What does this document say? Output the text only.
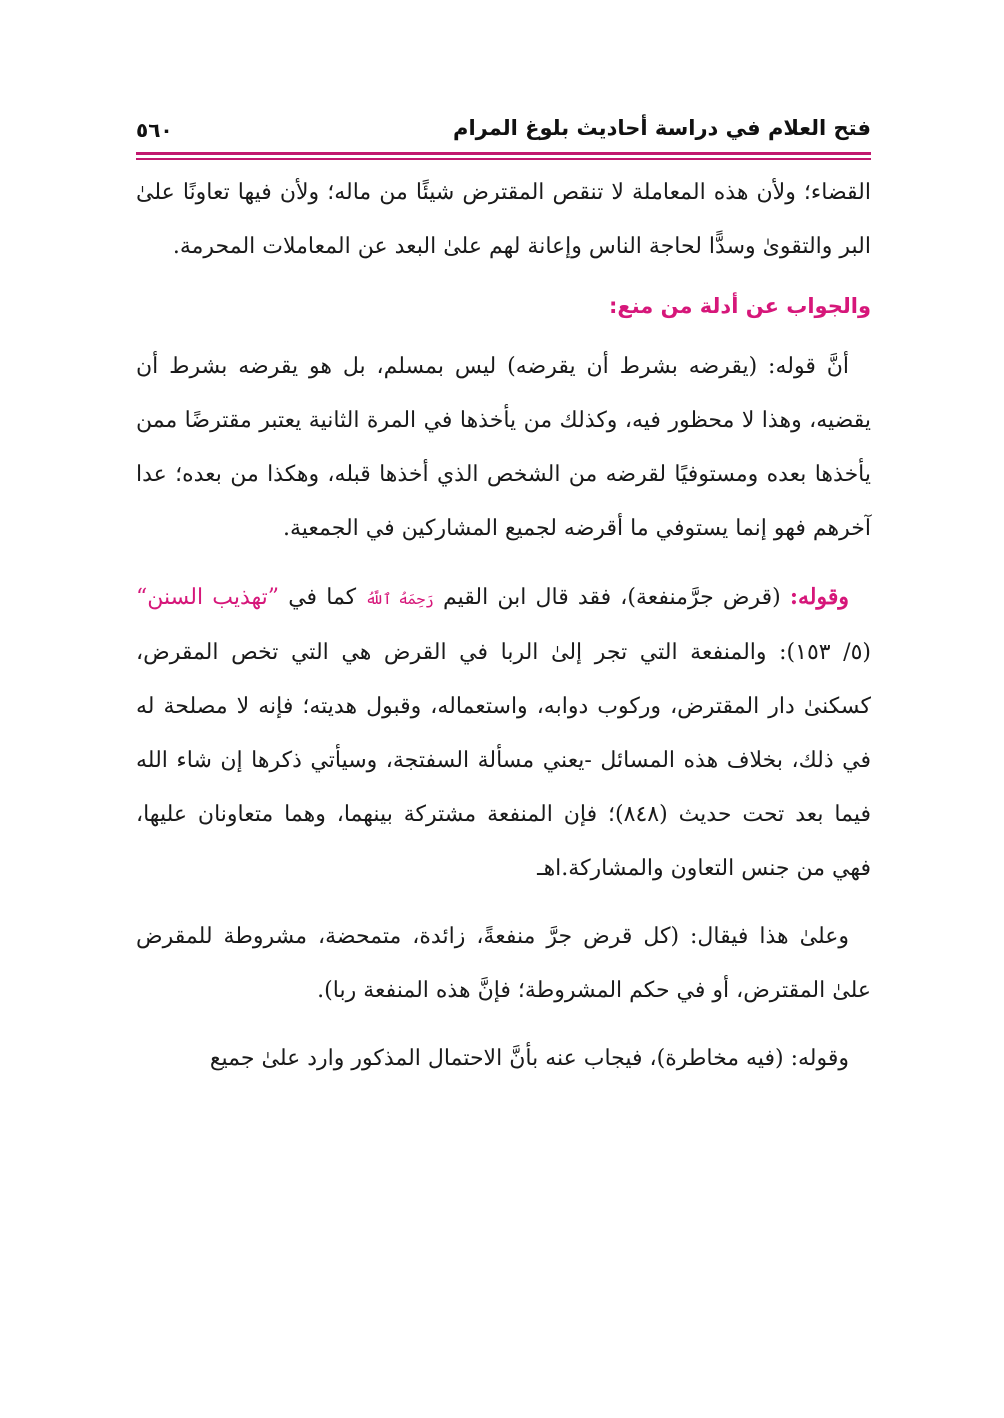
فتح العلام في دراسة أحاديث بلوغ المرام
٥٦٠

القضاء؛ ولأن هذه المعاملة لا تنقص المقترض شيئًا من ماله؛ ولأن فيها تعاونًا علىٰ البر والتقوىٰ وسدًّا لحاجة الناس وإعانة لهم علىٰ البعد عن المعاملات المحرمة.

والجواب عن أدلة من منع:

أنَّ قوله: (يقرضه بشرط أن يقرضه) ليس بمسلم، بل هو يقرضه بشرط أن يقضيه، وهذا لا محظور فيه، وكذلك من يأخذها في المرة الثانية يعتبر مقترضًا ممن يأخذها بعده ومستوفيًا لقرضه من الشخص الذي أخذها قبله، وهكذا من بعده؛ عدا آخرهم فهو إنما يستوفي ما أقرضه لجميع المشاركين في الجمعية.

وقوله: (قرض جرَّمنفعة)، فقد قال ابن القيم رَحِمَهُ ٱللَّهُ كما في ”تهذيب السنن“ (٥/ ١٥٣): والمنفعة التي تجر إلىٰ الربا في القرض هي التي تخص المقرض، كسكنىٰ دار المقترض، وركوب دوابه، واستعماله، وقبول هديته؛ فإنه لا مصلحة له في ذلك، بخلاف هذه المسائل -يعني مسألة السفتجة، وسيأتي ذكرها إن شاء الله فيما بعد تحت حديث (٨٤٨)؛ فإن المنفعة مشتركة بينهما، وهما متعاونان عليها، فهي من جنس التعاون والمشاركة.اهـ

وعلىٰ هذا فيقال: (كل قرض جرَّ منفعةً، زائدة، متمحضة، مشروطة للمقرض علىٰ المقترض، أو في حكم المشروطة؛ فإنَّ هذه المنفعة ربا).

وقوله: (فيه مخاطرة)، فيجاب عنه بأنَّ الاحتمال المذكور وارد علىٰ جميع
